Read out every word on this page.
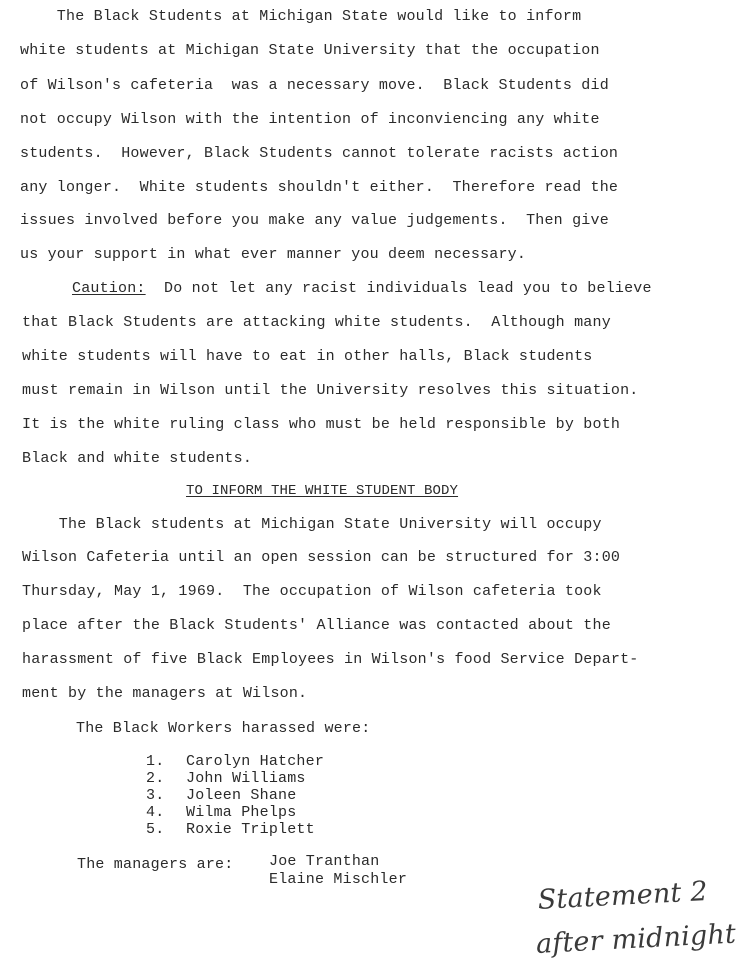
The Black Students at Michigan State would like to inform
white students at Michigan State University that the occupation
of Wilson's cafeteria  was a necessary move.  Black Students did
not occupy Wilson with the intention of inconviencing any white
students.  However, Black Students cannot tolerate racists action
any longer.  White students shouldn't either.  Therefore read the
issues involved before you make any value judgements.  Then give
us your support in what ever manner you deem necessary.
Caution:  Do not let any racist individuals lead you to believe
that Black Students are attacking white students.  Although many
white students will have to eat in other halls, Black students
must remain in Wilson until the University resolves this situation.
It is the white ruling class who must be held responsible by both
Black and white students.
TO INFORM THE WHITE STUDENT BODY
The Black students at Michigan State University will occupy
Wilson Cafeteria until an open session can be structured for 3:00
Thursday, May 1, 1969.  The occupation of Wilson cafeteria took
place after the Black Students' Alliance was contacted about the
harassment of five Black Employees in Wilson's food Service Depart-
ment by the managers at Wilson.
The Black Workers harassed were:
1. Carolyn Hatcher
2. John Williams
3. Joleen Shane
4. Wilma Phelps
5. Roxie Triplett
The managers are: Joe Tranthan
Elaine Mischler	Statement 2
after midnight
